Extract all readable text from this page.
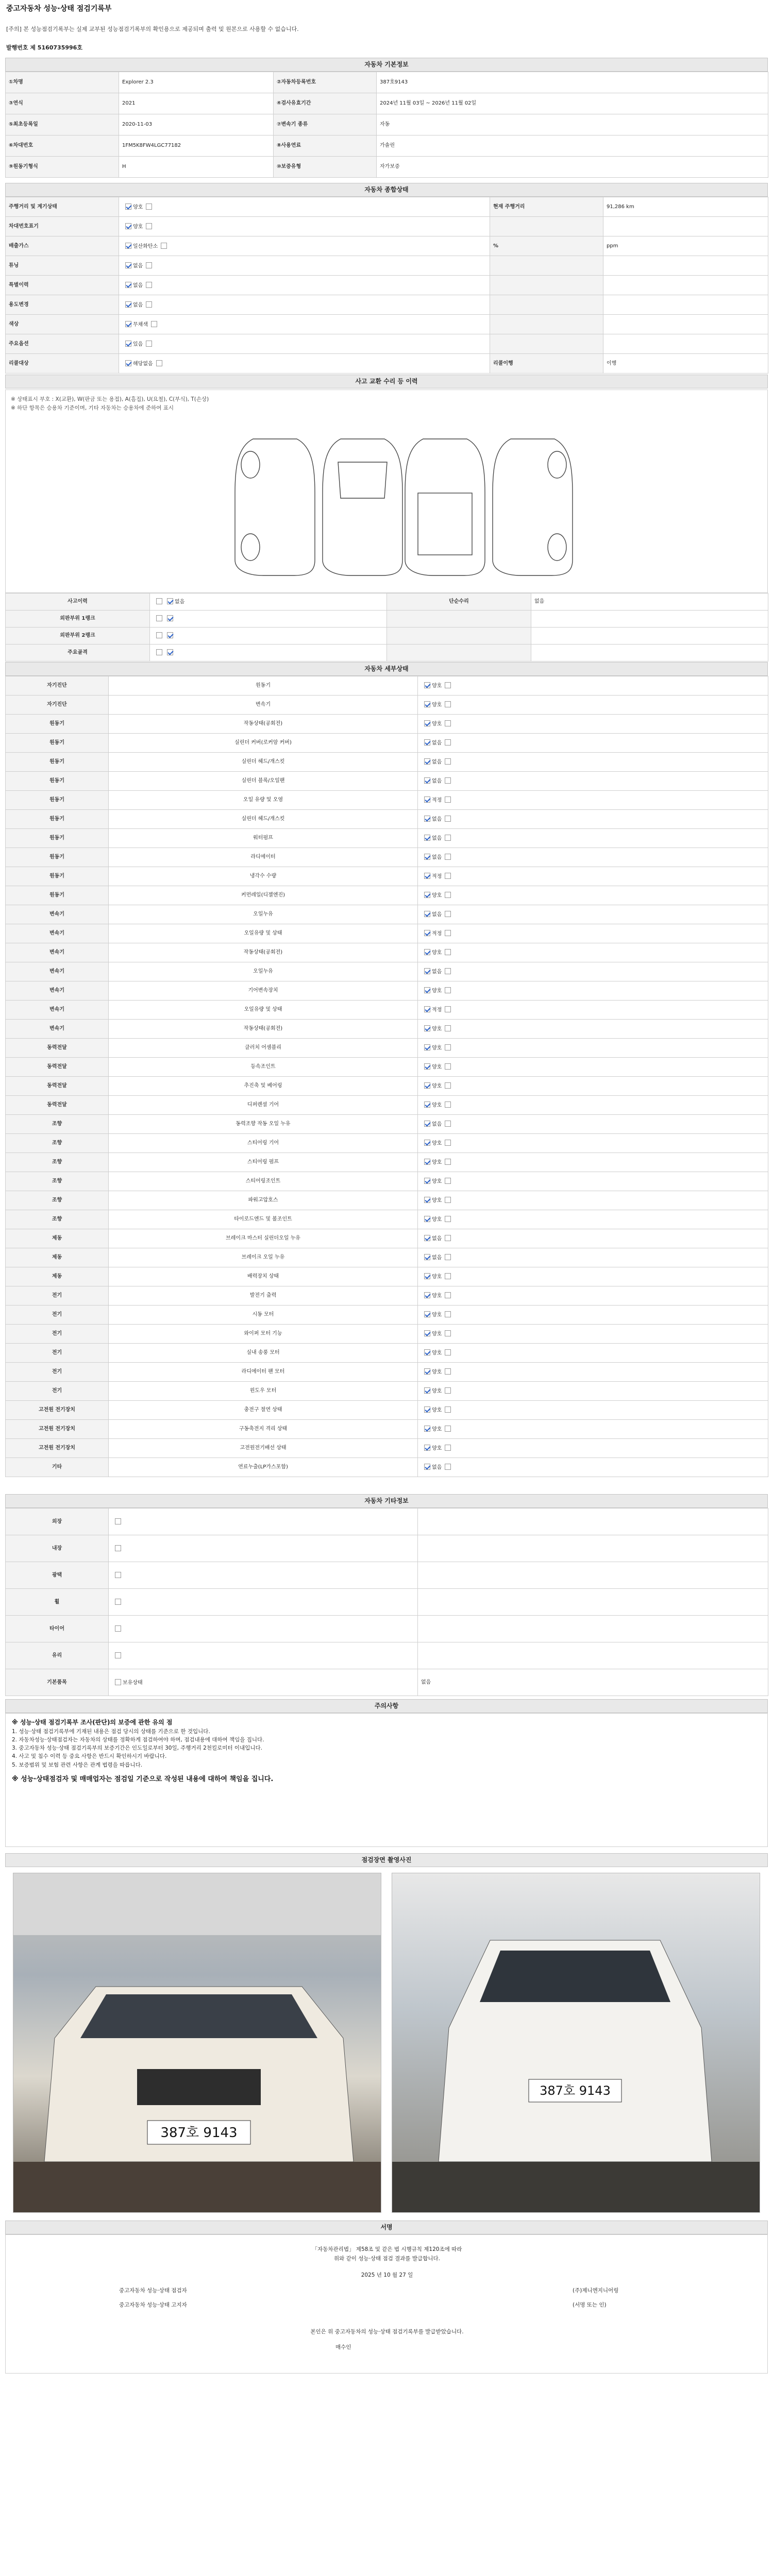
중고자동차 성능·상태 점검기록부
[주의] 본 성능점검기록부는 실제 교부된 성능점검기록부의 확인용으로 제공되며 출력 및 원본으로 사용할 수 없습니다.
발행번호 제 5160735996호
자동차 기본정보
①차명	Explorer 2.3	②자동차등록번호	387호9143
③연식	2021	④검사유효기간	2024년 11월 03일 ~ 2026년 11월 02일
⑤최초등록일	2020-11-03	⑦변속기 종류	자동
⑥차대번호	1FM5K8FW4LGC77182	⑧사용연료	가솔린
⑨원동기형식	H	⑩보증유형	자가보증
자동차 종합상태
주행거리 및 계기상태	양호	현재 주행거리	91,286 km
차대번호표기	양호		
배출가스	일산화탄소	%	ppm
튜닝	없음		
특별이력	없음		
용도변경	없음		
색상	무채색		
주요옵션	있음		
리콜대상	해당없음	리콜이행	이행
사고 교환 수리 등 이력
※ 상태표시 부호 : X(교환), W(판금 또는 용접), A(흠집), U(요철), C(부식), T(손상)
※ 하단 항목은 승용차 기준이며, 기타 자동차는 승용차에 준하여 표시
사고이력	없음	단순수리	없음
외판부위 1랭크			
외판부위 2랭크			
주요골격			
자동차 세부상태
자기진단	원동기	양호
자기진단	변속기	양호
원동기	작동상태(공회전)	양호
원동기	실린더 커버(로커암 커버)	없음
원동기	실린더 헤드/개스킷	없음
원동기	실린더 블록/오일팬	없음
원동기	오일 유량 및 오염	적정
원동기	실린더 헤드/개스킷	없음
원동기	워터펌프	없음
원동기	라디에이터	없음
원동기	냉각수 수량	적정
원동기	커먼레일(디젤엔진)	양호
변속기	오일누유	없음
변속기	오일유량 및 상태	적정
변속기	작동상태(공회전)	양호
변속기	오일누유	없음
변속기	기어변속장치	양호
변속기	오일유량 및 상태	적정
변속기	작동상태(공회전)	양호
동력전달	클러치 어셈블리	양호
동력전달	등속조인트	양호
동력전달	추진축 및 베어링	양호
동력전달	디퍼렌셜 기어	양호
조향	동력조향 작동 오일 누유	없음
조향	스티어링 기어	양호
조향	스티어링 펌프	양호
조향	스티어링조인트	양호
조향	파워고압호스	양호
조향	타이로드엔드 및 볼조인트	양호
제동	브레이크 마스터 실린더오일 누유	없음
제동	브레이크 오일 누유	없음
제동	배력장치 상태	양호
전기	발전기 출력	양호
전기	시동 모터	양호
전기	와이퍼 모터 기능	양호
전기	실내 송풍 모터	양호
전기	라디에이터 팬 모터	양호
전기	윈도우 모터	양호
고전원 전기장치	충전구 절연 상태	양호
고전원 전기장치	구동축전지 격리 상태	양호
고전원 전기장치	고전원전기배선 상태	양호
기타	연료누출(LP가스포함)	없음
자동차 기타정보
외장		
내장		
광택		
휠		
타이어		
유리		
기본품목	보유상태	없음
주의사항
※ 성능·상태 점검기록부 조사(판단)의 보증에 관한 유의 점
1. 성능·상태 점검기록부에 기재된 내용은 점검 당시의 상태를 기준으로 한 것입니다.
2. 자동차성능·상태점검자는 자동차의 상태를 정확하게 점검하여야 하며, 점검내용에 대하여 책임을 집니다.
3. 중고자동차 성능·상태 점검기록부의 보증기간은 인도일로부터 30일, 주행거리 2천킬로미터 이내입니다.
4. 사고 및 침수 이력 등 중요 사항은 반드시 확인하시기 바랍니다.
5. 보증범위 및 보험 관련 사항은 관계 법령을 따릅니다.
※ 성능·상태점검자 및 매매업자는 점검일 기준으로 작성된 내용에 대하여 책임을 집니다.
점검장면 촬영사진
387호 9143
387호 9143
서명
「자동차관리법」 제58조 및 같은 법 시행규칙 제120조에 따라
위와 같이 성능·상태 점검 결과를 발급합니다.
2025 년 10 월 27 일
중고자동차 성능·상태 점검자	(주)제니엔지니어링
중고자동차 성능·상태 고지자	(서명 또는 인)
본인은 위 중고자동차의 성능·상태 점검기록부를 발급받았습니다.
매수인
